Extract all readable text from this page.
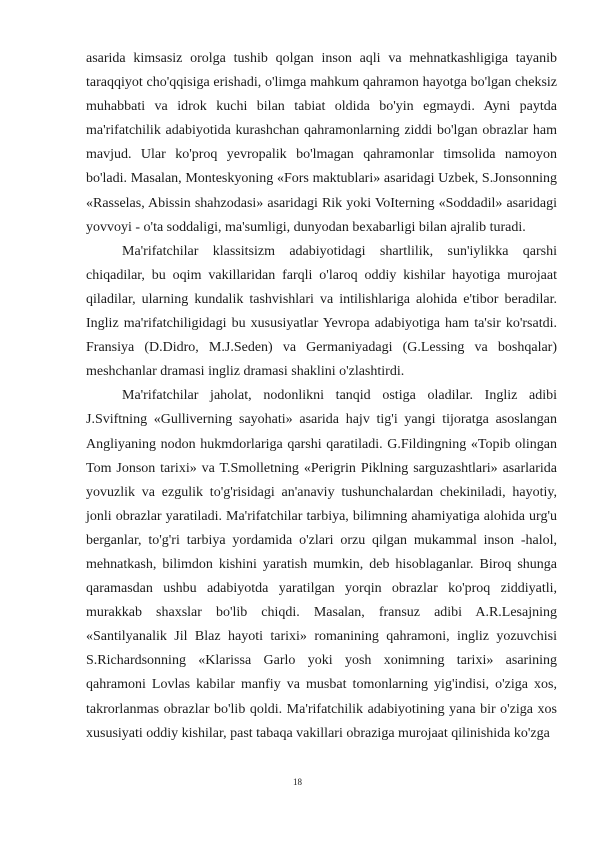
asarida kimsasiz orolga tushib qolgan inson aqli va mehnatkashligiga tayanib taraqqiyot cho'qqisiga erishadi, o'limga mahkum qahramon hayotga bo'lgan cheksiz muhabbati va idrok kuchi bilan tabiat oldida bo'yin egmaydi. Ayni paytda ma'rifatchilik adabiyotida kurashchan qahramonlarning ziddi bo'lgan obrazlar ham mavjud. Ular ko'proq yevropalik bo'lmagan qahramonlar timsolida namoyon bo'ladi. Masalan, Monteskyoning «Fors maktublari» asaridagi Uzbek, S.Jonsonning «Rasselas, Abissin shahzodasi» asaridagi Rik yoki VoIterning «Soddadil» asaridagi yovvoyi - o'ta soddaligi, ma'sumligi, dunyodan bexabarligi bilan ajralib turadi.

Ma'rifatchilar klassitsizm adabiyotidagi shartlilik, sun'iylikka qarshi chiqadilar, bu oqim vakillaridan farqli o'laroq oddiy kishilar hayotiga murojaat qiladilar, ularning kundalik tashvishlari va intilishlariga alohida e'tibor beradilar. Ingliz ma'rifatchiligidagi bu xususiyatlar Yevropa adabiyotiga ham ta'sir ko'rsatdi. Fransiya (D.Didro, M.J.Seden) va Germaniyadagi (G.Lessing va boshqalar) meshchanlar dramasi ingliz dramasi shaklini o'zlashtirdi.

Ma'rifatchilar jaholat, nodonlikni tanqid ostiga oladilar. Ingliz adibi J.Sviftning «Gulliverning sayohati» asarida hajv tig'i yangi tijoratga asoslangan Angliyaning nodon hukmdorlariga qarshi qaratiladi. G.Fildingning «Topib olingan Tom Jonson tarixi» va T.Smolletning «Perigrin Piklning sarguzashtlari» asarlarida yovuzlik va ezgulik to'g'risidagi an'anaviy tushunchalardan chekiniladi, hayotiy, jonli obrazlar yaratiladi. Ma'rifatchilar tarbiya, bilimning ahamiyatiga alohida urg'u berganlar, to'g'ri tarbiya yordamida o'zlari orzu qilgan mukammal inson -halol, mehnatkash, bilimdon kishini yaratish mumkin, deb hisoblaganlar. Biroq shunga qaramasdan ushbu adabiyotda yaratilgan yorqin obrazlar ko'proq ziddiyatli, murakkab shaxslar bo'lib chiqdi. Masalan, fransuz adibi A.R.Lesajning «Santilyanalik Jil Blaz hayoti tarixi» romanining qahramoni, ingliz yozuvchisi S.Richardsonning «Klarissa Garlo yoki yosh xonimning tarixi» asarining qahramoni Lovlas kabilar manfiy va musbat tomonlarning yig'indisi, o'ziga xos, takrorlanmas obrazlar bo'lib qoldi. Ma'rifatchilik adabiyotining yana bir o'ziga xos xususiyati oddiy kishilar, past tabaqa vakillari obraziga murojaat qilinishida ko'zga

18
